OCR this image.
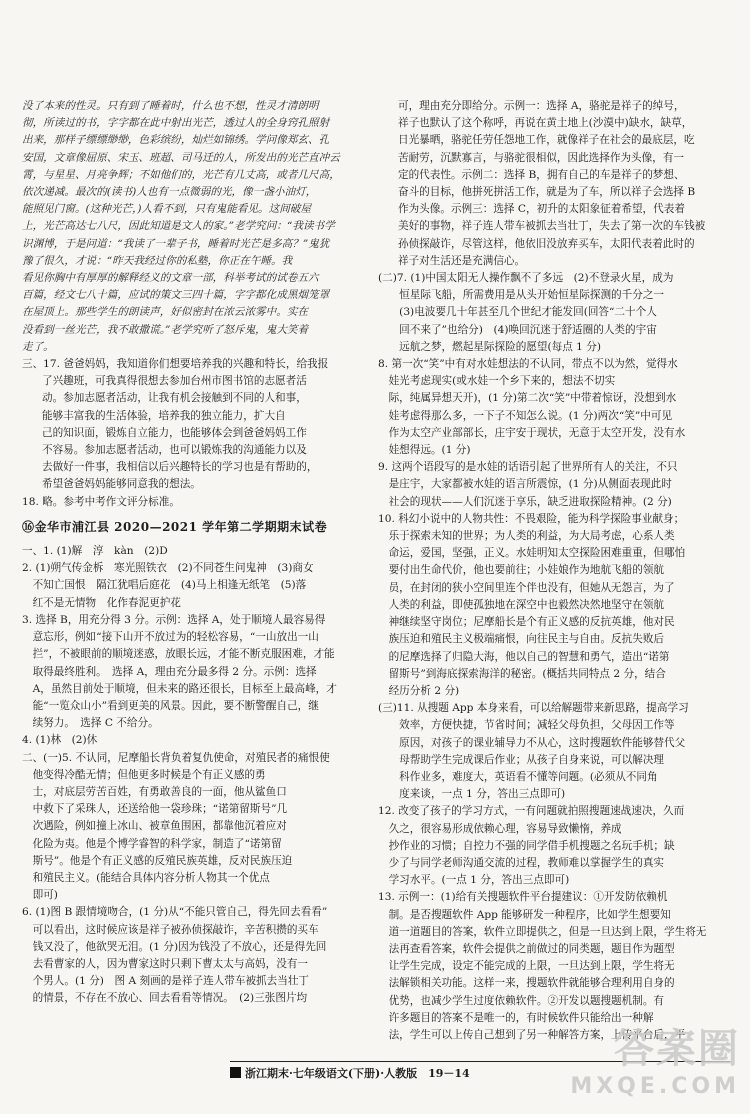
没了本来的性灵。只有到了睡着时，什么也不想，性灵才清朗明

彻，所读过的书，字字都在此中射出光芒，透过人的全身窍孔照射

出来，那样子缥缥缈缈，色彩缤纷，灿烂如锦绣。学问像郑玄、孔

安国，文章像屈原、宋玉、班超、司马迁的人，所发出的光芒直冲云

霄，与星星、月亮争辉；不如他们的，光芒有几丈高，或者几尺高，

依次递减。最次的(读书)人也有一点微弱的光，像一盏小油灯，

能照见门窗。(这种光芒，)人看不到，只有鬼能看见。这间破屋

上，光芒高达七八尺，因此知道是文人的家。”老学究问：“我读书学

识渊博，于是问道：“我读了一辈子书，睡着时光芒是多高？”鬼犹

豫了很久，才说：“昨天我经过你的私塾，你正在午睡。我

看见你胸中有厚厚的解释经义的文章一部，科举考试的试卷五六

百篇，经文七八十篇，应试的策文三四十篇，字字都化成黑烟笼罩

在屋顶上。那些学生的朗读声，好似密封在浓云浓雾中。实在

没看到一丝光芒，我不敢撒谎。”老学究听了怒斥鬼，鬼大笑着

走了。

三、17. 爸爸妈妈，我知道你们想要培养我的兴趣和特长，给我报

了兴趣班，可我真得很想去参加台州市图书馆的志愿者活

动。参加志愿者活动，让我有机会接触到不同的人和事，

能够丰富我的生活体验，培养我的独立能力，扩大自

己的知识面，锻炼自立能力，也能够体会到爸爸妈妈工作

不容易。参加志愿者活动，也可以锻炼我的沟通能力以及

去做好一件事，我相信以后兴趣特长的学习也是有帮助的，

希望爸爸妈妈能够同意我的想法。

18. 略。参考中考作文评分标准。

⑯金华市浦江县 2020—2021 学年第二学期期末试卷

一、1. (1)解　淳　kàn　(2)D

2. (1)朔气传金柝　寒光照铁衣　(2)不同苍生问鬼神　(3)商女

　不知亡国恨　隔江犹唱后庭花　(4)马上相逢无纸笔　(5)落

　红不是无情物　化作春泥更护花

3. 选择 B，用充分得 3 分。示例：选择 A，处于顺境人最容易得

　意忘形，例如“接下山开不放过为的轻松容易，“一山放出一山

　拦”，不被眼前的顺境迷惑，放眼长远，才能不断克服困难，才能

　取得最终胜利。　选择 A，理由充分最多得 2 分。示例：选择

　A，虽然目前处于顺境，但未来的路还很长，目标至上最高峰，才

　能“一览众山小”看到更美的风景。因此，要不断警醒自己，继

　续努力。　选择 C 不给分。

4. (1)林　(2)休

二、(一)5. 不认同，尼摩船长背负着复仇使命，对殖民者的痛恨使

　他变得冷酷无情；但他更多时候是个有正义感的勇

　士，对底层劳苦百姓，有勇敢善良的一面，他从鲨鱼口

　中救下了采珠人，还送给他一袋珍珠；“诺第留斯号”几

　次遇险，例如撞上冰山、被章鱼围困，都靠他沉着应对

　化险为夷。他是个博学睿智的科学家，制造了“诺第留

　斯号”。他是个有正义感的反殖民族英雄，反对民族压迫

　和殖民主义。(能结合具体内容分析人物其一个优点

　即可)

6. (1)图 B 跟情境吻合，(1 分)从“不能只管自己，得先回去看看”

　可以看出，这时候应该是祥子被孙侦探敲诈，辛苦积攒的买车

　钱又没了，他欲哭无泪。(1 分)因为钱没了不放心，还是得先回

　去看曹家的人，因为曹家这时只剩下曹太太与高妈，没有一

　个男人。(1 分)　图 A 刻画的是祥子连人带车被抓去当壮丁

　的情景，不存在不放心、回去看看等情况。　(2)三张图片均

可，理由充分即给分。示例一：选择 A，骆驼是祥子的绰号，

祥子也默认了这个称呼，再说在黄土地上(沙漠中)缺水，缺草，

日光暴晒，骆驼任劳任怨地工作，就像祥子在社会的最底层，吃

苦耐劳，沉默寡言，与骆驼很相似，因此选择作为头像，有一

定的代表性。示例二：选择 B，拥有自己的车是祥子的梦想、

奋斗的目标，他拼死拼活工作，就是为了车，所以祥子会选择 B

作为头像。示例三：选择 C，初升的太阳象征着希望，代表着

美好的事物，祥子连人带车被抓去当壮丁，失去了第一次的车钱被

孙侦探敲诈，尽管这样，他依旧没放弃买车，太阳代表着此时的

祥子对生活还是充满信心。

(二)7. (1)中国太阳无人操作飘不了多远　(2)不登录火星，成为

　　恒星际飞船，所需费用是从头开始恒星际探测的千分之一

　　(3)电波要几十年甚至几个世纪才能发回(回答“二十个人

　　回不来了”也给分)　(4)唤回沉迷于舒适圈的人类的宇宙

　　远航之梦，燃起星际探险的愿望(每点 1 分)

8. 第一次“笑”中有对水娃想法的不认同，带点不以为然，觉得水

　娃光考虑现实(或水娃一个乡下来的，想法不切实

　际，纯属异想天开)，(1 分)第二次“笑”中带着惊讶，没想到水

　娃考虑得那么多，一下子不知怎么说。(1 分)两次“笑”中可见

　作为太空产业部部长，庄宇安于现状，无意于太空开发，没有水

　娃想得远。(1 分)

9. 这两个语段写的是水娃的话语引起了世界所有人的关注，不只

　是庄宇，大家都被水娃的语言所震惊，(1 分)从侧面表现此时

　社会的现状——人们沉迷于享乐，缺乏进取探险精神。(2 分)

10. 科幻小说中的人物共性：不畏艰险，能为科学探险事业献身；

　乐于探索未知的世界；为人类的利益，为大局考虑，心系人类

　命运，爱国，坚强，正义。水娃明知太空探险困难重重，但哪怕

　要付出生命代价，他也要前往；小娃娘作为地航飞船的领航

　员，在封闭的狭小空间里连个伴也没有，但她从无怨言，为了

　人类的利益，即使孤独地在深空中也毅然决然地坚守在领航

　神继续坚守岗位；尼摩船长是个有正义感的反抗英雄，他对民

　族压迫和殖民主义极端痛恨，向往民主与自由。反抗失败后

　的尼摩选择了归隐大海，他以自己的智慧和勇气，造出“诺第

　留斯号”到海底探索海洋的秘密。(概括共同特点 2 分，结合

　经历分析 2 分)

(三)11. 从搜题 App 本身来看，可以给解题带来新思路，提高学习

　　效率，方便快捷，节省时间；减轻父母负担，父母因工作等

　　原因，对孩子的课业辅导力不从心，这时搜题软件能够替代父

　　母帮助学生完成课后作业；从孩子自身来说，可以解决理

　　科作业多，难度大，英语看不懂等问题。(必须从不同角

　　度来谈，一点 1 分，答出三点即可)

12. 改变了孩子的学习方式，一有问题就拍照搜题速战速决，久而

　久之，很容易形成依赖心理，容易导致懒惰，养成

　抄作业的习惯；自控力不强的同学借手机搜题之名玩手机；缺

　少了与同学老师沟通交流的过程，教师难以掌握学生的真实

　学习水平。(一点 1 分，答出三点即可)

13. 示例一：(1)给有关搜题软件平台提建议：①开发防依赖机

　制。是否搜题软件 App 能够研发一种程序，比如学生想要知

　道一道题目的答案，软件立即提供之，但是一旦达到上限，学生将无

　法再查看答案，软件会提供之前做过的同类题，题目作为题型

　让学生完成，设定不能完成的上限，一旦达到上限，学生将无

　法解锁相关功能。这样一来，搜题软件就能够合理利用自身的

　优势，也减少学生过度依赖软件。②开发以题搜题机制。有

　许多题目的答案不是唯一的，有时候软件只能给出一种解

　法，学生可以上传自己想到了另一种解答方案，上传平台后，平

浙江期末·七年级语文(下册)·人教版　19－14
答案圈
MXQE.COM
